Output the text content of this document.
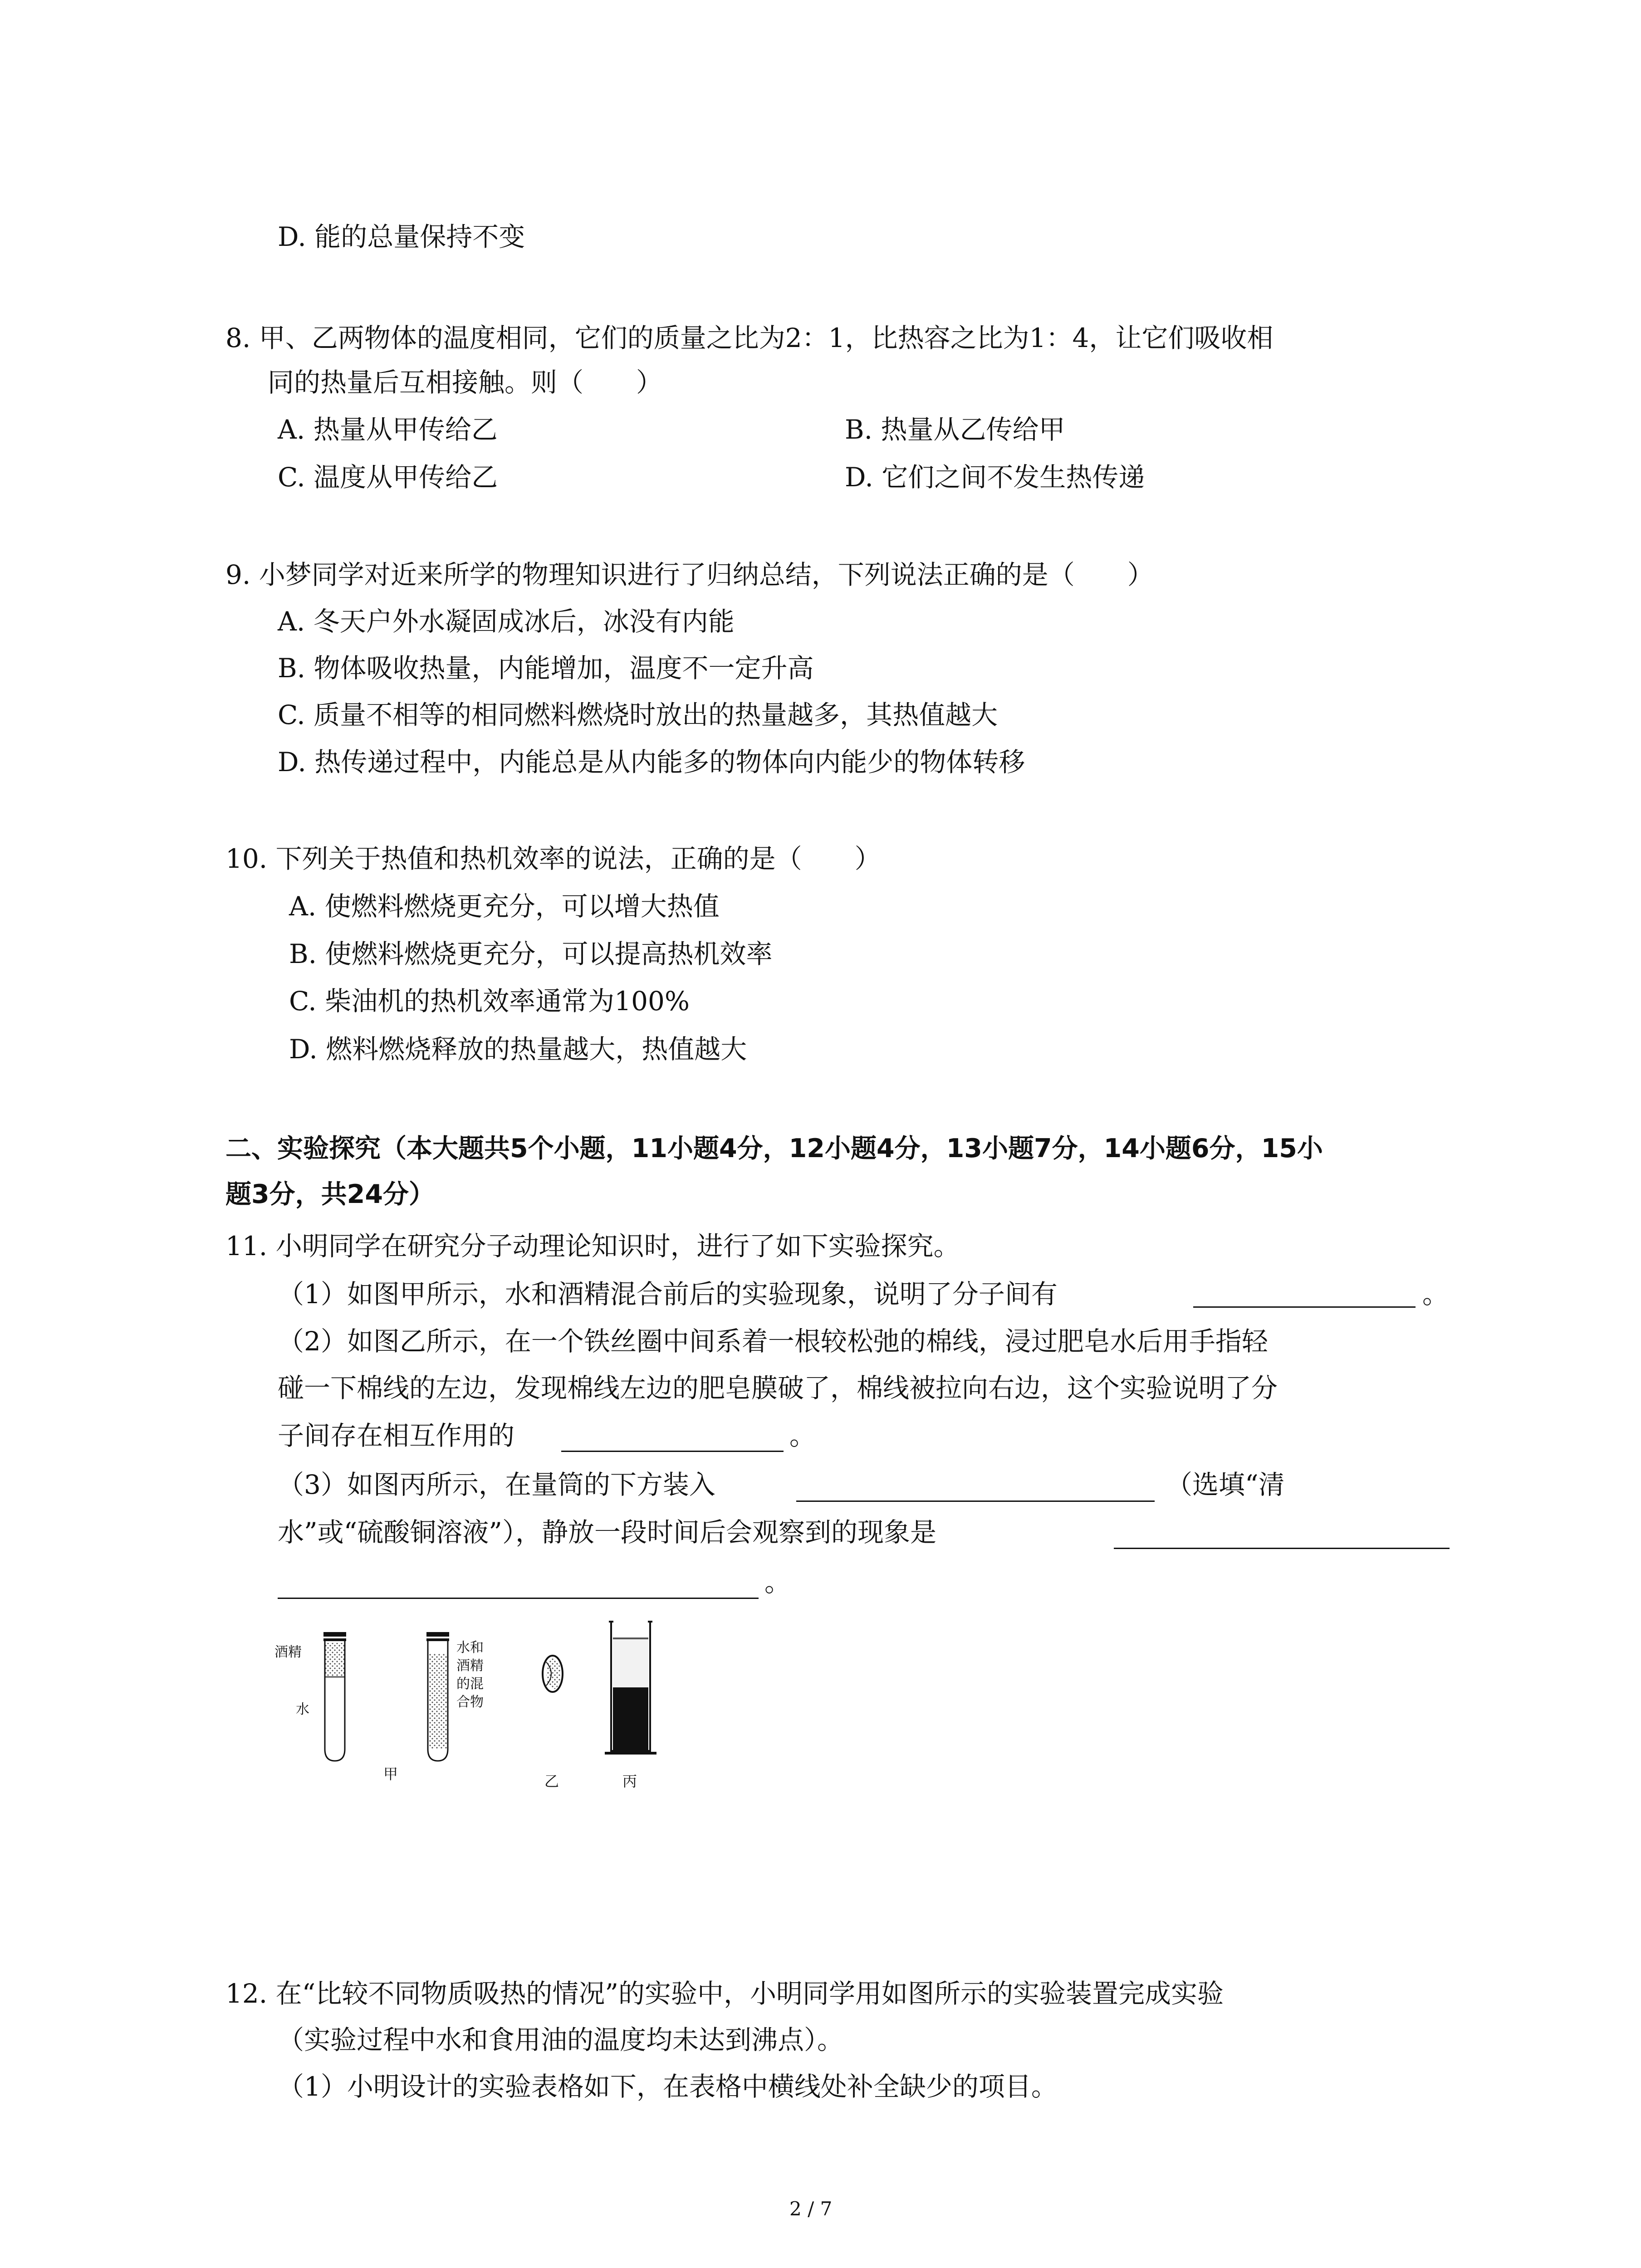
D. 能的总量保持不变
8. 甲、乙两物体的温度相同，它们的质量之比为2：1，比热容之比为1：4，让它们吸收相
同的热量后互相接触。则（　　）
A. 热量从甲传给乙	B. 热量从乙传给甲
C. 温度从甲传给乙	D. 它们之间不发生热传递
9. 小梦同学对近来所学的物理知识进行了归纳总结，下列说法正确的是（　　）
A. 冬天户外水凝固成冰后，冰没有内能
B. 物体吸收热量，内能增加，温度不一定升高
C. 质量不相等的相同燃料燃烧时放出的热量越多，其热值越大
D. 热传递过程中，内能总是从内能多的物体向内能少的物体转移
10. 下列关于热值和热机效率的说法，正确的是（　　）
A. 使燃料燃烧更充分，可以增大热值
B. 使燃料燃烧更充分，可以提高热机效率
C. 柴油机的热机效率通常为100%
D. 燃料燃烧释放的热量越大，热值越大
二、实验探究（本大题共5个小题，11小题4分，12小题4分，13小题7分，14小题6分，15小
题3分，共24分）
11. 小明同学在研究分子动理论知识时，进行了如下实验探究。
（1）如图甲所示，水和酒精混合前后的实验现象，说明了分子间有	。
（2）如图乙所示，在一个铁丝圈中间系着一根较松弛的棉线，浸过肥皂水后用手指轻
碰一下棉线的左边，发现棉线左边的肥皂膜破了，棉线被拉向右边，这个实验说明了分
子间存在相互作用的	。
（3）如图丙所示，在量筒的下方装入	（选填“清
水”或“硫酸铜溶液”），静放一段时间后会观察到的现象是
。
酒精
水
水和
酒精
的混
合物
甲	乙	丙
12. 在“比较不同物质吸热的情况”的实验中，小明同学用如图所示的实验装置完成实验
（实验过程中水和食用油的温度均未达到沸点）。
（1）小明设计的实验表格如下，在表格中横线处补全缺少的项目。
2 / 7
